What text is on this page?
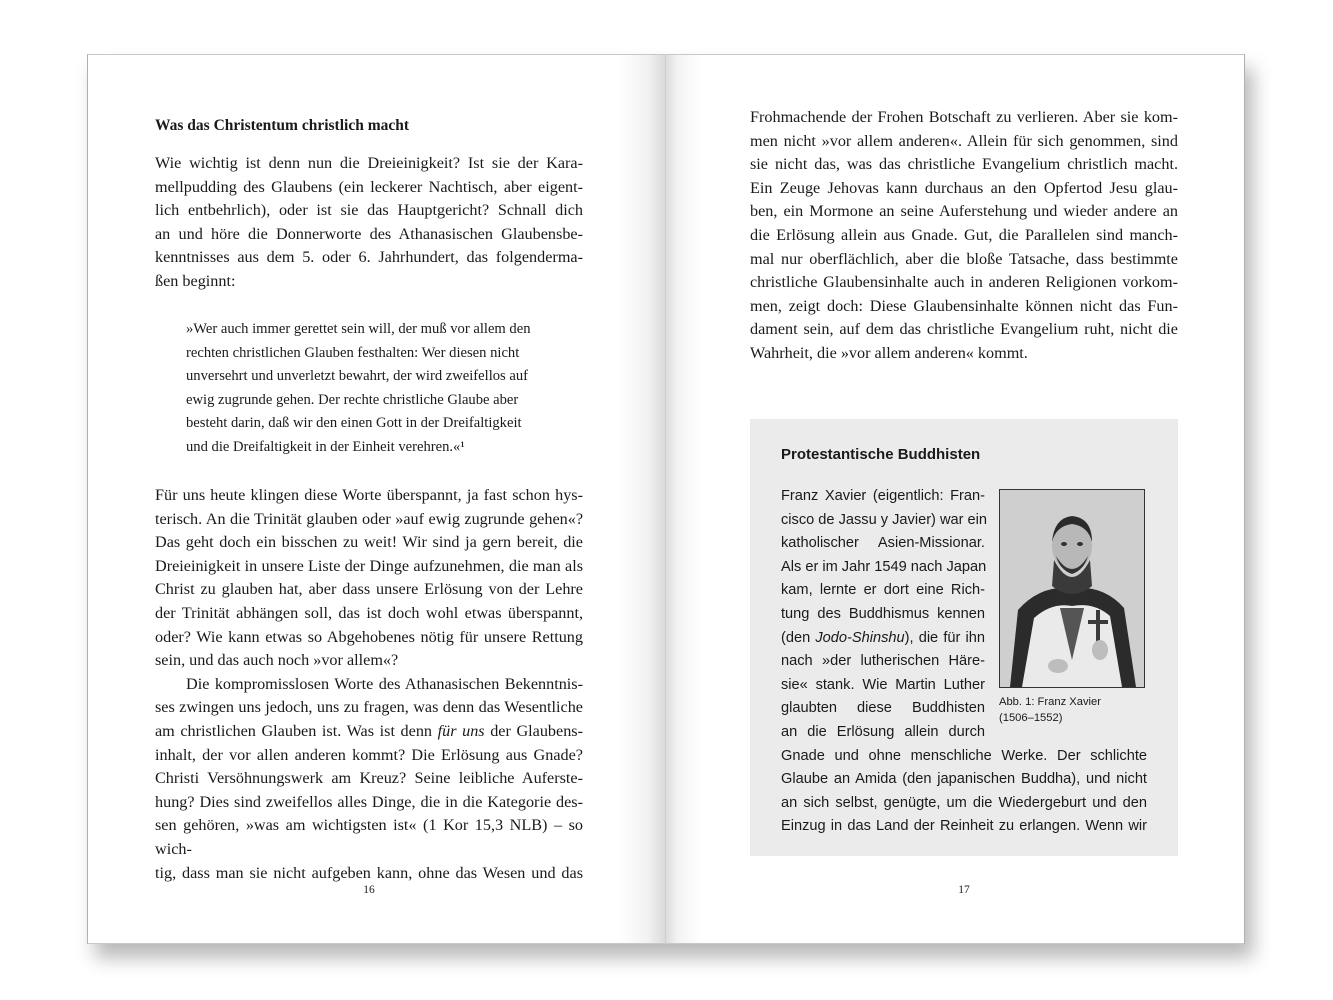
Was das Christentum christlich macht

Wie wichtig ist denn nun die Dreieinigkeit? Ist sie der Kara-

mellpudding des Glaubens (ein leckerer Nachtisch, aber eigent-

lich entbehrlich), oder ist sie das Hauptgericht? Schnall dich

an und höre die Donnerworte des Athanasischen Glaubensbe-

kenntnisses aus dem 5. oder 6. Jahrhundert, das folgenderma-

ßen beginnt:

»Wer auch immer gerettet sein will, der muß vor allem den

rechten christlichen Glauben festhalten: Wer diesen nicht

unversehrt und unverletzt bewahrt, der wird zweifellos auf

ewig zugrunde gehen. Der rechte christliche Glaube aber

besteht darin, daß wir den einen Gott in der Dreifaltigkeit

und die Dreifaltigkeit in der Einheit verehren.«¹

Für uns heute klingen diese Worte überspannt, ja fast schon hys-

terisch. An die Trinität glauben oder »auf ewig zugrunde gehen«?

Das geht doch ein bisschen zu weit! Wir sind ja gern bereit, die

Dreieinigkeit in unsere Liste der Dinge aufzunehmen, die man als

Christ zu glauben hat, aber dass unsere Erlösung von der Lehre

der Trinität abhängen soll, das ist doch wohl etwas überspannt,

oder? Wie kann etwas so Abgehobenes nötig für unsere Rettung

sein, und das auch noch »vor allem«?

Die kompromisslosen Worte des Athanasischen Bekenntnis-

ses zwingen uns jedoch, uns zu fragen, was denn das Wesentliche

am christlichen Glauben ist. Was ist denn für uns der Glaubens-

inhalt, der vor allen anderen kommt? Die Erlösung aus Gnade?

Christi Versöhnungswerk am Kreuz? Seine leibliche Auferste-

hung? Dies sind zweifellos alles Dinge, die in die Kategorie des-

sen gehören, »was am wichtigsten ist« (1 Kor 15,3 NLB) – so wich-

tig, dass man sie nicht aufgeben kann, ohne das Wesen und das

16

Frohmachende der Frohen Botschaft zu verlieren. Aber sie kom-

men nicht »vor allem anderen«. Allein für sich genommen, sind

sie nicht das, was das christliche Evangelium christlich macht.

Ein Zeuge Jehovas kann durchaus an den Opfertod Jesu glau-

ben, ein Mormone an seine Auferstehung und wieder andere an

die Erlösung allein aus Gnade. Gut, die Parallelen sind manch-

mal nur oberflächlich, aber die bloße Tatsache, dass bestimmte

christliche Glaubensinhalte auch in anderen Religionen vorkom-

men, zeigt doch: Diese Glaubensinhalte können nicht das Fun-

dament sein, auf dem das christliche Evangelium ruht, nicht die

Wahrheit, die »vor allem anderen« kommt.

Protestantische Buddhisten
Franz Xavier (eigentlich: Fran-
cisco de Jassu y Javier) war ein
katholischer Asien-Missionar.
Als er im Jahr 1549 nach Japan
kam, lernte er dort eine Rich-
tung des Buddhismus kennen
(den Jodo-Shinshu), die für ihn
nach »der lutherischen Häre-
sie« stank. Wie Martin Luther
glaubten diese Buddhisten
an die Erlösung allein durch
Gnade und ohne menschliche Werke. Der schlichte
Glaube an Amida (den japanischen Buddha), und nicht
an sich selbst, genügte, um die Wiedergeburt und den
Einzug in das Land der Reinheit zu erlangen. Wenn wir
Abb. 1: Franz Xavier
(1506–1552)
17
